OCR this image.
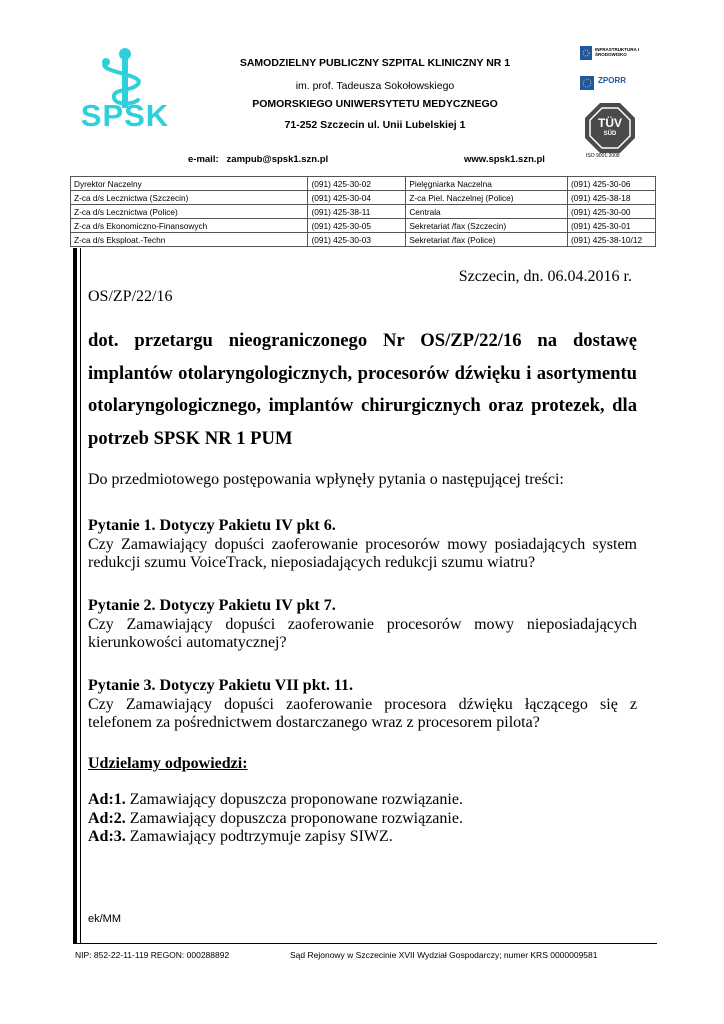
SPSK
SAMODZIELNY PUBLICZNY SZPITAL KLINICZNY NR 1
im. prof. Tadeusza Sokołowskiego
POMORSKIEGO UNIWERSYTETU MEDYCZNEGO
71-252 Szczecin ul. Unii Lubelskiej 1
e-mail: zampub@spsk1.szn.pl	www.spsk1.szn.pl
INFRASTRUKTURA I ŚRODOWISKO
ZPORR
TÜV
SÜD
ISO 9001:2008
Dyrektor Naczelny	(091) 425-30-02	Pielęgniarka Naczelna	(091) 425-30-06
Z-ca d/s Lecznictwa (Szczecin)	(091) 425-30-04	Z-ca Piel. Naczelnej (Police)	(091) 425-38-18
Z-ca d/s Lecznictwa (Police)	(091) 425-38-11	Centrala	(091) 425-30-00
Z-ca d/s Ekonomiczno-Finansowych	(091) 425-30-05	Sekretariat /fax (Szczecin)	(091) 425-30-01
Z-ca d/s Eksploat.-Techn	(091) 425-30-03	Sekretariat /fax (Police)	(091) 425-38-10/12
Szczecin, dn. 06.04.2016 r.
OS/ZP/22/16
dot. przetargu nieograniczonego Nr OS/ZP/22/16 na dostawę implantów otolaryngologicznych, procesorów dźwięku i asortymentu otolaryngologicznego, implantów chirurgicznych oraz protezek, dla potrzeb SPSK NR 1 PUM
Do przedmiotowego postępowania wpłynęły pytania o następującej treści:
Pytanie 1. Dotyczy Pakietu IV pkt 6.
Czy Zamawiający dopuści zaoferowanie procesorów mowy posiadających system redukcji szumu VoiceTrack, nieposiadających redukcji szumu wiatru?
Pytanie 2. Dotyczy Pakietu IV pkt 7.
Czy Zamawiający dopuści zaoferowanie procesorów mowy nieposiadających kierunkowości automatycznej?
Pytanie 3. Dotyczy Pakietu VII pkt. 11.
Czy Zamawiający dopuści zaoferowanie procesora dźwięku łączącego się z telefonem za pośrednictwem dostarczanego wraz z procesorem pilota?
Udzielamy odpowiedzi:
Ad:1. Zamawiający dopuszcza proponowane rozwiązanie.
Ad:2. Zamawiający dopuszcza proponowane rozwiązanie.
Ad:3. Zamawiający podtrzymuje zapisy SIWZ.
ek/MM
NIP: 852-22-11-119 REGON: 000288892	Sąd Rejonowy w Szczecinie XVII Wydział Gospodarczy; numer KRS 0000009581
